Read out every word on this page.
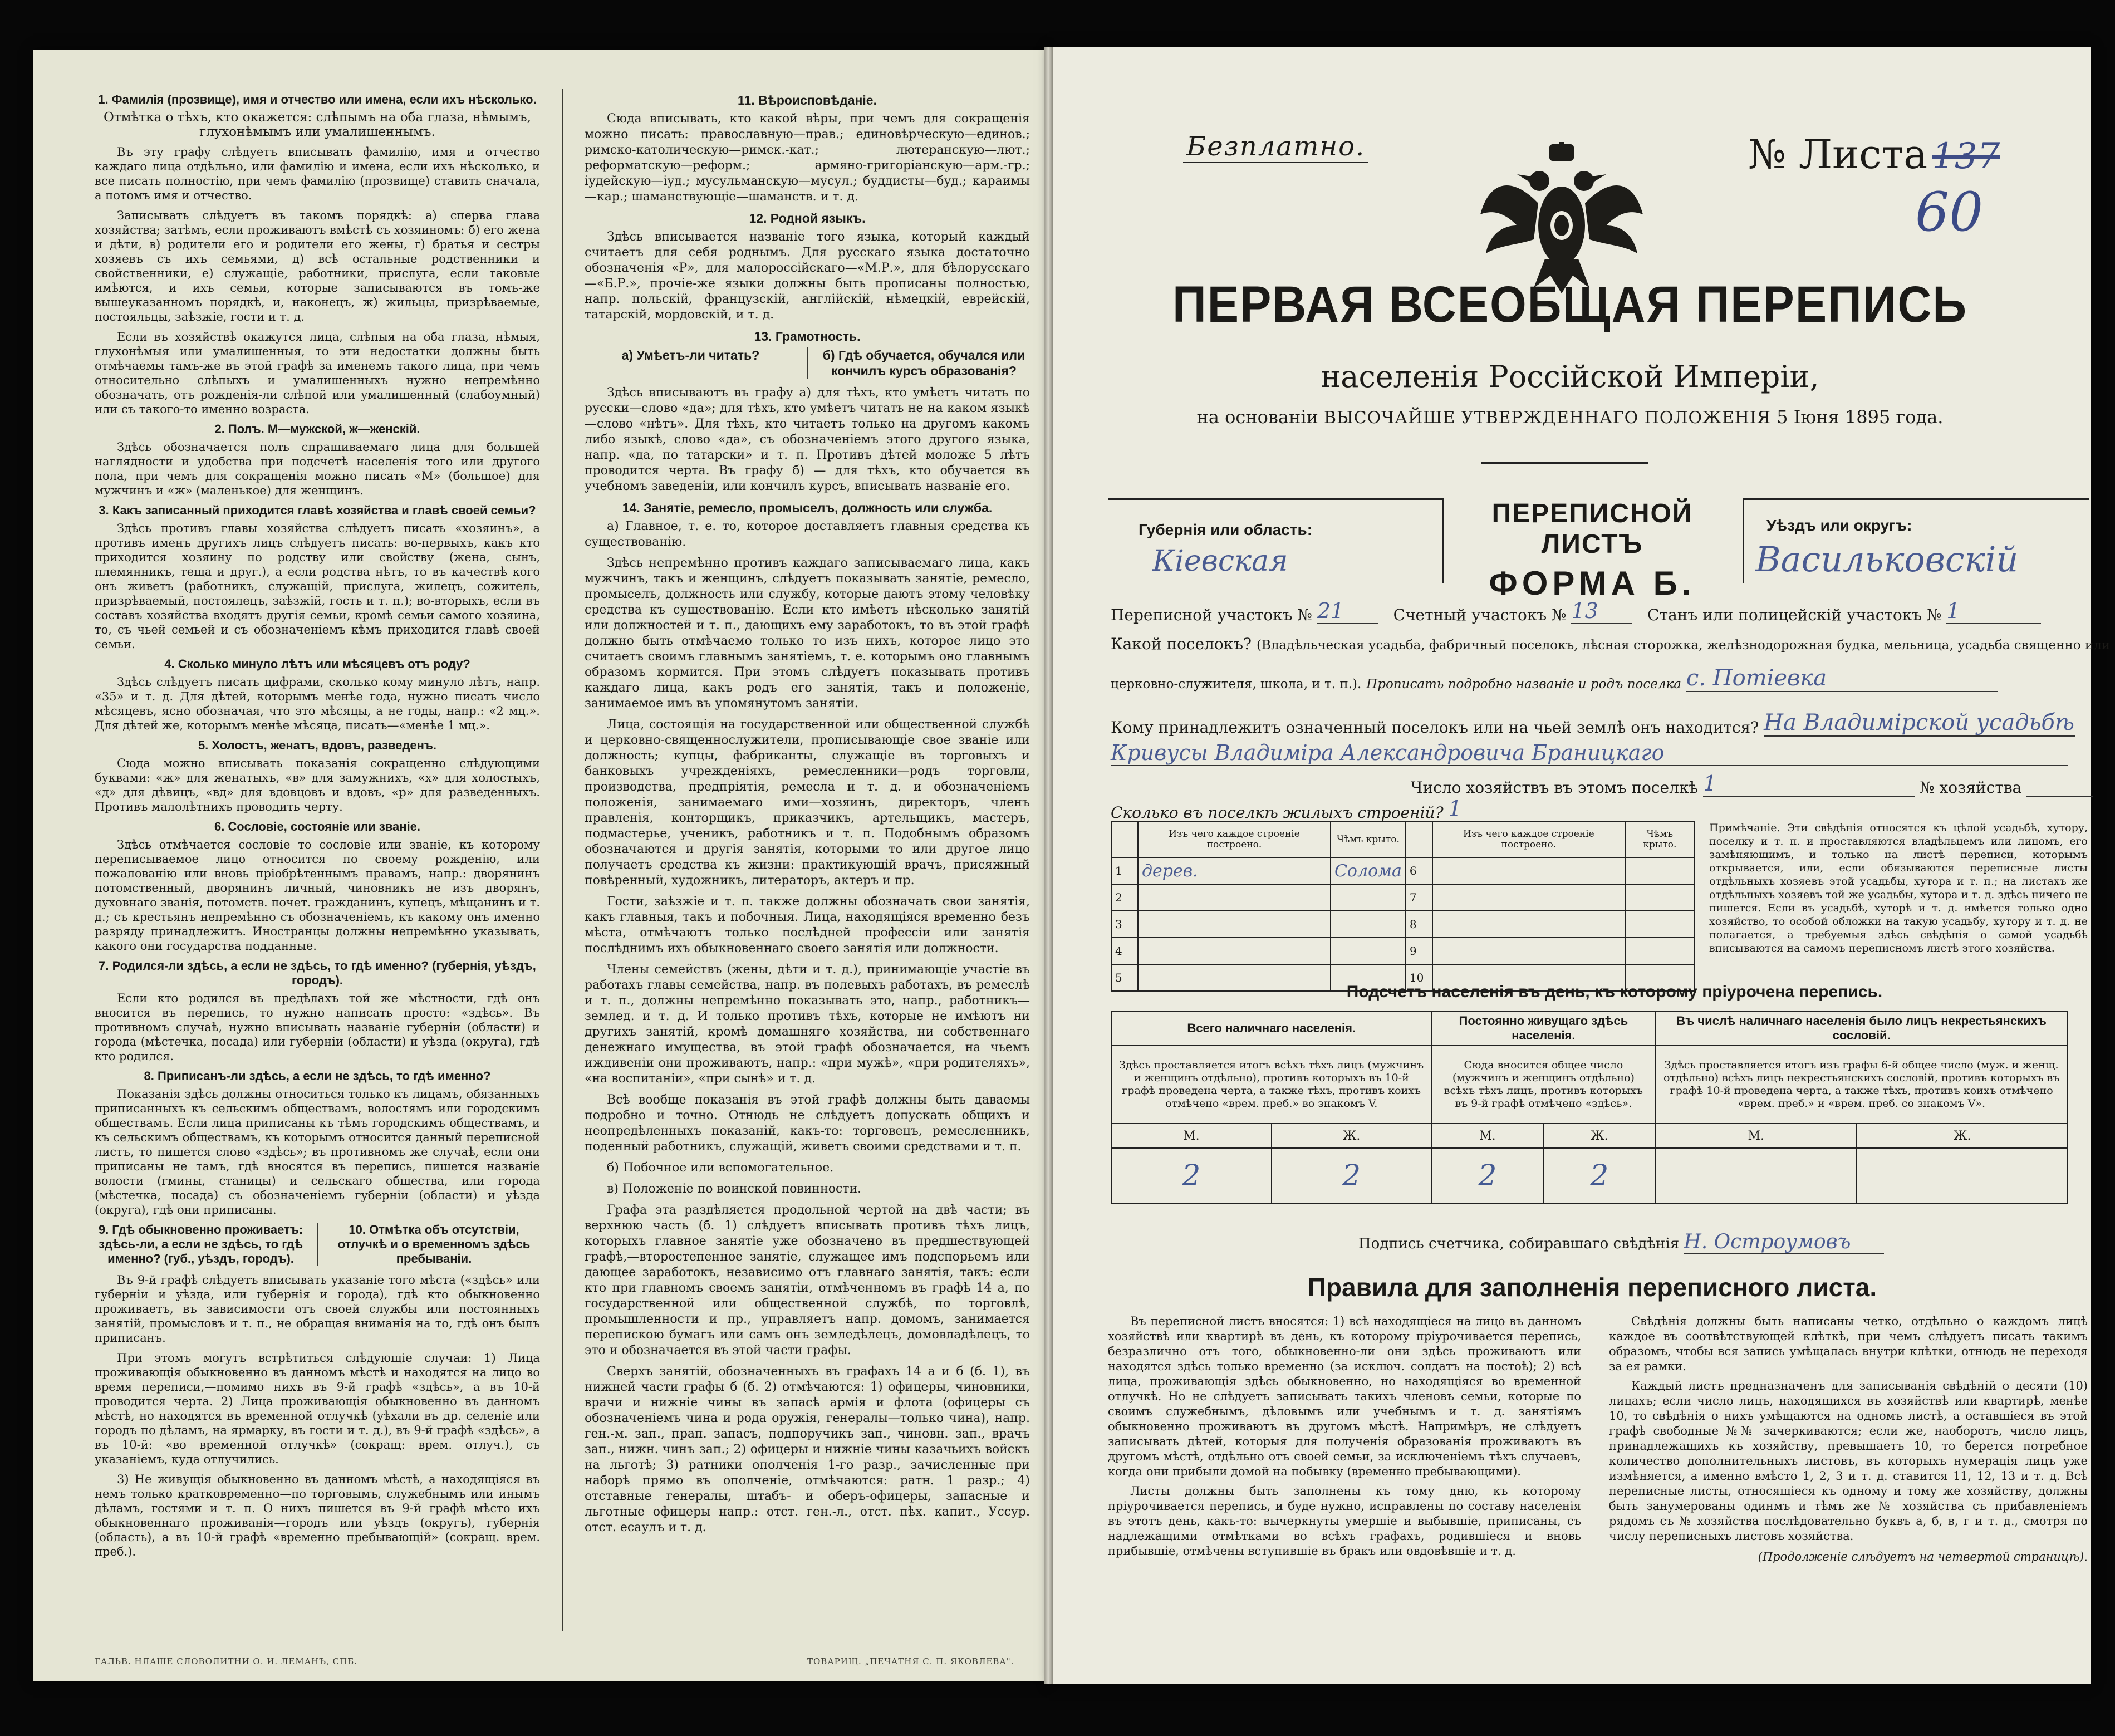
1. Фамилія (прозвище), имя и отчество или имена, если ихъ нѣсколько.
Отмѣтка о тѣхъ, кто окажется: слѣпымъ на оба глаза, нѣмымъ, глухонѣмымъ или умалишеннымъ.

Въ эту графу слѣдуетъ вписывать фамилію, имя и отчество каждаго лица отдѣльно, или фамилію и имена, если ихъ нѣсколько, и все писать полностію, при чемъ фамилію (прозвище) ставить сначала, а потомъ имя и отчество.

Записывать слѣдуетъ въ такомъ порядкѣ: а) сперва глава хозяйства; затѣмъ, если проживаютъ вмѣстѣ съ хозяиномъ: б) его жена и дѣти, в) родители его и родители его жены, г) братья и сестры хозяевъ съ ихъ семьями, д) всѣ остальные родственники и свойственники, е) служащіе, работники, прислуга, если таковые имѣются, и ихъ семьи, которые записываются въ томъ-же вышеуказанномъ порядкѣ, и, наконецъ, ж) жильцы, призрѣваемые, постояльцы, заѣзжіе, гости и т. д.

Если въ хозяйствѣ окажутся лица, слѣпыя на оба глаза, нѣмыя, глухонѣмыя или умалишенныя, то эти недостатки должны быть отмѣчаемы тамъ-же въ этой графѣ за именемъ такого лица, при чемъ относительно слѣпыхъ и умалишенныхъ нужно непремѣнно обозначать, отъ рожденія-ли слѣпой или умалишенный (слабоумный) или съ такого-то именно возраста.

2. Полъ. М—мужской, ж—женскій.

Здѣсь обозначается полъ спрашиваемаго лица для большей наглядности и удобства при подсчетѣ населенія того или другого пола, при чемъ для сокращенія можно писать «М» (большое) для мужчинъ и «ж» (маленькое) для женщинъ.

3. Какъ записанный приходится главѣ хозяйства и главѣ своей семьи?

Здѣсь противъ главы хозяйства слѣдуетъ писать «хозяинъ», а противъ именъ другихъ лицъ слѣдуетъ писать: во-первыхъ, какъ кто приходится хозяину по родству или свойству (жена, сынъ, племянникъ, теща и друг.), а если родства нѣтъ, то въ качествѣ кого онъ живетъ (работникъ, служащій, прислуга, жилецъ, сожитель, призрѣваемый, постоялецъ, заѣзжій, гость и т. п.); во-вторыхъ, если въ составъ хозяйства входятъ другія семьи, кромѣ семьи самого хозяина, то, съ чьей семьей и съ обозначеніемъ кѣмъ приходится главѣ своей семьи.

4. Сколько минуло лѣтъ или мѣсяцевъ отъ роду?

Здѣсь слѣдуетъ писать цифрами, сколько кому минуло лѣтъ, напр. «35» и т. д. Для дѣтей, которымъ менѣе года, нужно писать число мѣсяцевъ, ясно обозначая, что это мѣсяцы, а не годы, напр.: «2 мц.». Для дѣтей же, которымъ менѣе мѣсяца, писать—«менѣе 1 мц.».

5. Холостъ, женатъ, вдовъ, разведенъ.

Сюда можно вписывать показанія сокращенно слѣдующими буквами: «ж» для женатыхъ, «в» для замужнихъ, «х» для холостыхъ, «д» для дѣвицъ, «вд» для вдовцовъ и вдовъ, «р» для разведенныхъ. Противъ малолѣтнихъ проводить черту.

6. Сословіе, состояніе или званіе.

Здѣсь отмѣчается сословіе то сословіе или званіе, къ которому переписываемое лицо относится по своему рожденію, или пожалованію или вновь пріобрѣтеннымъ правамъ, напр.: дворянинъ потомственный, дворянинъ личный, чиновникъ не изъ дворянъ, духовнаго званія, потомств. почет. гражданинъ, купецъ, мѣщанинъ и т. д.; съ крестьянъ непремѣнно съ обозначеніемъ, къ какому онъ именно разряду принадлежитъ. Иностранцы должны непремѣнно указывать, какого они государства подданные.

7. Родился-ли здѣсь, а если не здѣсь, то гдѣ именно? (губернія, уѣздъ, городъ).

Если кто родился въ предѣлахъ той же мѣстности, гдѣ онъ вносится въ перепись, то нужно написать просто: «здѣсь». Въ противномъ случаѣ, нужно вписывать названіе губерніи (области) и города (мѣстечка, посада) или губерніи (области) и уѣзда (округа), гдѣ кто родился.

8. Приписанъ-ли здѣсь, а если не здѣсь, то гдѣ именно?

Показанія здѣсь должны относиться только къ лицамъ, обязанныхъ приписанныхъ къ сельскимъ обществамъ, волостямъ или городскимъ обществамъ. Если лица приписаны къ тѣмъ городскимъ обществамъ, и къ сельскимъ обществамъ, къ которымъ относится данный переписной листъ, то пишется слово «здѣсь»; въ противномъ же случаѣ, если они приписаны не тамъ, гдѣ вносятся въ перепись, пишется названіе волости (гмины, станицы) и сельскаго общества, или города (мѣстечка, посада) съ обозначеніемъ губерніи (области) и уѣзда (округа), гдѣ они приписаны.

9. Гдѣ обыкновенно проживаетъ: здѣсь-ли, а если не здѣсь, то гдѣ именно? (губ., уѣздъ, городъ).
10. Отмѣтка объ отсутствіи, отлучкѣ и о временномъ здѣсь пребываніи.

Въ 9-й графѣ слѣдуетъ вписывать указаніе того мѣста («здѣсь» или губерніи и уѣзда, или губернія и города), гдѣ кто обыкновенно проживаетъ, въ зависимости отъ своей службы или постоянныхъ занятій, промысловъ и т. п., не обращая вниманія на то, гдѣ онъ былъ приписанъ.

При этомъ могутъ встрѣтиться слѣдующіе случаи: 1) Лица проживающія обыкновенно въ данномъ мѣстѣ и находятся на лицо во время переписи,—помимо нихъ въ 9-й графѣ «здѣсь», а въ 10-й проводится черта. 2) Лица проживающія обыкновенно въ данномъ мѣстѣ, но находятся въ временной отлучкѣ (уѣхали въ др. селеніе или городъ по дѣламъ, на ярмарку, въ гости и т. д.), въ 9-й графѣ «здѣсь», а въ 10-й: «во временной отлучкѣ» (сокращ: врем. отлуч.), съ указаніемъ, куда отлучились.

3) Не живущія обыкновенно въ данномъ мѣстѣ, а находящіяся въ немъ только кратковременно—по торговымъ, служебнымъ или инымъ дѣламъ, гостями и т. п. О нихъ пишется въ 9-й графѣ мѣсто ихъ обыкновеннаго проживанія—городъ или уѣздъ (округъ), губернія (область), а въ 10-й графѣ «временно пребывающій» (сокращ. врем. преб.).

11. Вѣроисповѣданіе.

Сюда вписывать, кто какой вѣры, при чемъ для сокращенія можно писать: православную—прав.; единовѣрческую—единов.; римско-католическую—римск.-кат.; лютеранскую—лют.; реформатскую—реформ.; армяно-григоріанскую—арм.-гр.; іудейскую—іуд.; мусульманскую—мусул.; буддисты—буд.; караимы—кар.; шаманствующіе—шаманств. и т. д.

12. Родной языкъ.

Здѣсь вписывается названіе того языка, который каждый считаетъ для себя роднымъ. Для русскаго языка достаточно обозначенія «Р», для малороссійскаго—«М.Р.», для бѣлорусскаго—«Б.Р.», прочіе-же языки должны быть прописаны полностью, напр. польскій, французскій, англійскій, нѣмецкій, еврейскій, татарскій, мордовскій, и т. д.

13. Грамотность.
а) Умѣетъ-ли читать?	б) Гдѣ обучается, обучался или кончилъ курсъ образованія?

Здѣсь вписываютъ въ графу а) для тѣхъ, кто умѣетъ читать по русски—слово «да»; для тѣхъ, кто умѣетъ читать не на каком языкѣ—слово «нѣтъ». Для тѣхъ, кто читаетъ только на другомъ какомъ либо языкѣ, слово «да», съ обозначеніемъ этого другого языка, напр. «да, по татарски» и т. п. Противъ дѣтей моложе 5 лѣтъ проводится черта. Въ графу б) — для тѣхъ, кто обучается въ учебномъ заведеніи, или кончилъ курсъ, вписывать названіе его.

14. Занятіе, ремесло, промыселъ, должность или служба.

а) Главное, т. е. то, которое доставляетъ главныя средства къ существованію.

Здѣсь непремѣнно противъ каждаго записываемаго лица, какъ мужчинъ, такъ и женщинъ, слѣдуетъ показывать занятіе, ремесло, промыселъ, должность или службу, которые даютъ этому человѣку средства къ существованію. Если кто имѣетъ нѣсколько занятій или должностей и т. п., дающихъ ему заработокъ, то въ этой графѣ должно быть отмѣчаемо только то изъ нихъ, которое лицо это считаетъ своимъ главнымъ занятіемъ, т. е. которымъ оно главнымъ образомъ кормится. При этомъ слѣдуетъ показывать противъ каждаго лица, какъ родъ его занятія, такъ и положеніе, занимаемое имъ въ упомянутомъ занятіи.

Лица, состоящія на государственной или общественной службѣ и церковно-священнослужители, прописывающіе свое званіе или должность; купцы, фабриканты, служащіе въ торговыхъ и банковыхъ учрежденіяхъ, ремесленники—родъ торговли, производства, предпріятія, ремесла и т. д. и обозначеніемъ положенія, занимаемаго ими—хозяинъ, директоръ, членъ правленія, конторщикъ, приказчикъ, артельщикъ, мастеръ, подмастерье, ученикъ, работникъ и т. п. Подобнымъ образомъ обозначаются и другія занятія, которыми то или другое лицо получаетъ средства къ жизни: практикующій врачъ, присяжный повѣренный, художникъ, литераторъ, актеръ и пр.

Гости, заѣзжіе и т. п. также должны обозначать свои занятія, какъ главныя, такъ и побочныя. Лица, находящіяся временно безъ мѣста, отмѣчаютъ только послѣдней профессіи или занятія послѣднимъ ихъ обыкновеннаго своего занятія или должности.

Члены семействъ (жены, дѣти и т. д.), принимающіе участіе въ работахъ главы семейства, напр. въ полевыхъ работахъ, въ ремеслѣ и т. п., должны непремѣнно показывать это, напр., работникъ—землед. и т. д. И только противъ тѣхъ, которые не имѣютъ ни другихъ занятій, кромѣ домашняго хозяйства, ни собственнаго денежнаго имущества, въ этой графѣ обозначается, на чьемъ иждивеніи они проживаютъ, напр.: «при мужѣ», «при родителяхъ», «на воспитаніи», «при сынѣ» и т. д.

Всѣ вообще показанія въ этой графѣ должны быть даваемы подробно и точно. Отнюдь не слѣдуетъ допускать общихъ и неопредѣленныхъ показаній, какъ-то: торговецъ, ремесленникъ, поденный работникъ, служащій, живетъ своими средствами и т. п.

б) Побочное или вспомогательное.

в) Положеніе по воинской повинности.

Графа эта раздѣляется продольной чертой на двѣ части; въ верхнюю часть (б. 1) слѣдуетъ вписывать противъ тѣхъ лицъ, которыхъ главное занятіе уже обозначено въ предшествующей графѣ,—второстепенное занятіе, служащее имъ подспорьемъ или дающее заработокъ, независимо отъ главнаго занятія, такъ: если кто при главномъ своемъ занятіи, отмѣченномъ въ графѣ 14 а, по государственной или общественной службѣ, по торговлѣ, промышленности и пр., управляетъ напр. домомъ, занимается перепискою бумагъ или самъ онъ земледѣлецъ, домовладѣлецъ, то это и обозначается въ этой части графы.

Сверхъ занятій, обозначенныхъ въ графахъ 14 а и б (б. 1), въ нижней части графы б (б. 2) отмѣчаются: 1) офицеры, чиновники, врачи и нижніе чины въ запасѣ армія и флота (офицеры съ обозначеніемъ чина и рода оружія, генералы—только чина), напр. ген.-м. зап., прап. запасъ, подпоручикъ зап., чиновн. зап., врачъ зап., нижн. чинъ зап.; 2) офицеры и нижніе чины казачьихъ войскъ на льготѣ; 3) ратники ополченія 1-го разр., зачисленные при наборѣ прямо въ ополченіе, отмѣчаются: ратн. 1 разр.; 4) отставные генералы, штабъ- и оберъ-офицеры, запасные и льготные офицеры напр.: отст. ген.-л., отст. пѣх. капит., Уссур. отст. есаулъ и т. д.

ГАЛЬВ. НЛАШЕ СЛОВОЛИТНИ О. И. ЛЕМАНЪ, СПБ.	ТОВАРИЩ. „ПЕЧАТНЯ С. П. ЯКОВЛЕВА".
Безплатно.	№ Листа 137
60
ПЕРВАЯ ВСЕОБЩАЯ ПЕРЕПИСЬ
населенія Россійской Имперіи,
на основаніи ВЫСОЧАЙШЕ УТВЕРЖДЕННАГО ПОЛОЖЕНІЯ 5 Іюня 1895 года.
Губернія или область:
Кіевская
ПЕРЕПИСНОЙ ЛИСТЪ
ФОРМА Б.
Уѣздъ или округъ:
Васильковскій
Переписной участокъ № 21	Счетный участокъ № 13	Станъ или полицейскій участокъ № 1
Какой поселокъ? (Владѣльческая усадьба, фабричный поселокъ, лѣсная сторожка, желѣзнодорожная будка, мельница, усадьба священно или
церковно-служителя, школа, и т. п.). Прописать подробно названіе и родъ поселка с. Потіевка
Кому принадлежитъ означенный поселокъ или на чьей землѣ онъ находится? На Владимірской усадьбѣ
Кривусы Владиміра Александровича Браницкаго
Число хозяйствъ въ этомъ поселкѣ 1	№ хозяйства
Сколько въ поселкѣ жилыхъ строеній? 1
	Изъ чего каждое строеніе построено.	Чѣмъ крыто.		Изъ чего каждое строеніе построено.	Чѣмъ крыто.
1	дерев.	Солома	6		
2			7		
3			8		
4			9		
5			10		
Примѣчаніе. Эти свѣдѣнія относятся къ цѣлой усадьбѣ, хутору, поселку и т. п. и проставляются владѣльцемъ или лицомъ, его замѣняющимъ, и только на листѣ переписи, которымъ открывается, или, если обязываются переписные листы отдѣльныхъ хозяевъ этой усадьбы, хутора и т. п.; на листахъ же отдѣльныхъ хозяевъ той же усадьбы, хутора и т. д. здѣсь ничего не пишется. Если въ усадьбѣ, хуторѣ и т. д. имѣется только одно хозяйство, то особой обложки на такую усадьбу, хутору и т. д. не полагается, а требуемыя здѣсь свѣдѣнія о самой усадьбѣ вписываются на самомъ переписномъ листѣ этого хозяйства.
Подсчетъ населенія въ день, къ которому пріурочена перепись.
Всего наличнаго населенія.		Постоянно живущаго здѣсь населенія.		Въ числѣ наличнаго населенія было лицъ некрестьянскихъ сословій.	
Здѣсь проставляется итогъ всѣхъ тѣхъ лицъ (мужчинъ и женщинъ отдѣльно), противъ которыхъ въ 10-й графѣ проведена черта, а также тѣхъ, противъ коихъ отмѣчено «врем. преб.» во знакомъ V.		Сюда вносится общее число (мужчинъ и женщинъ отдѣльно) всѣхъ тѣхъ лицъ, противъ которыхъ въ 9-й графѣ отмѣчено «здѣсь».		Здѣсь проставляется итогъ изъ графы 6-й общее число (муж. и женщ. отдѣльно) всѣхъ лицъ некрестьянскихъ сословій, противъ которыхъ въ графѣ 10-й проведена черта, а также тѣхъ, противъ коихъ отмѣчено «врем. преб.» и «врем. преб. со знакомъ V».	
М.	Ж.	М.	Ж.	М.	Ж.
2	2	2	2		
Подпись счетчика, собиравшаго свѣдѣнія Н. Остроумовъ
Правила для заполненія переписного листа.

Въ переписной листъ вносятся: 1) всѣ находящіеся на лицо въ данномъ хозяйствѣ или квартирѣ въ день, къ которому пріурочивается перепись, безразлично отъ того, обыкновенно-ли они здѣсь проживаютъ или находятся здѣсь только временно (за исключ. солдатъ на постоѣ); 2) всѣ лица, проживающія здѣсь обыкновенно, но находящіяся во временной отлучкѣ. Но не слѣдуетъ записывать такихъ членовъ семьи, которые по своимъ служебнымъ, дѣловымъ или учебнымъ и т. д. занятіямъ обыкновенно проживаютъ въ другомъ мѣстѣ. Напримѣръ, не слѣдуетъ записывать дѣтей, которыя для полученія образованія проживаютъ въ другомъ мѣстѣ, отдѣльно отъ своей семьи, за исключеніемъ тѣхъ случаевъ, когда они прибыли домой на побывку (временно пребывающими).

Листы должны быть заполнены къ тому дню, къ которому пріурочивается перепись, и буде нужно, исправлены по составу населенія въ этотъ день, какъ-то: вычеркнуты умершіе и выбывшіе, приписаны, съ надлежащими отмѣтками во всѣхъ графахъ, родившіеся и вновь прибывшіе, отмѣчены вступившіе въ бракъ или овдовѣвшіе и т. д.

Свѣдѣнія должны быть написаны четко, отдѣльно о каждомъ лицѣ каждое въ соотвѣтствующей клѣткѣ, при чемъ слѣдуетъ писать такимъ образомъ, чтобы вся запись умѣщалась внутри клѣтки, отнюдь не переходя за ея рамки.

Каждый листъ предназначенъ для записыванія свѣдѣній о десяти (10) лицахъ; если число лицъ, находящихся въ хозяйствѣ или квартирѣ, менѣе 10, то свѣдѣнія о нихъ умѣщаются на одномъ листѣ, а оставшіеся въ этой графѣ свободные №№ зачеркиваются; если же, наоборотъ, число лицъ, принадлежащихъ къ хозяйству, превышаетъ 10, то берется потребное количество дополнительныхъ листовъ, въ которыхъ нумерація лицъ уже измѣняется, а именно вмѣсто 1, 2, 3 и т. д. ставится 11, 12, 13 и т. д. Всѣ переписные листы, относящіеся къ одному и тому же хозяйству, должны быть занумерованы одинмъ и тѣмъ же № хозяйства съ прибавленіемъ рядомъ съ № хозяйства послѣдовательно буквъ а, б, в, г и т. д., смотря по числу переписныхъ листовъ хозяйства.

(Продолженіе слѣдуетъ на четвертой страницѣ).
